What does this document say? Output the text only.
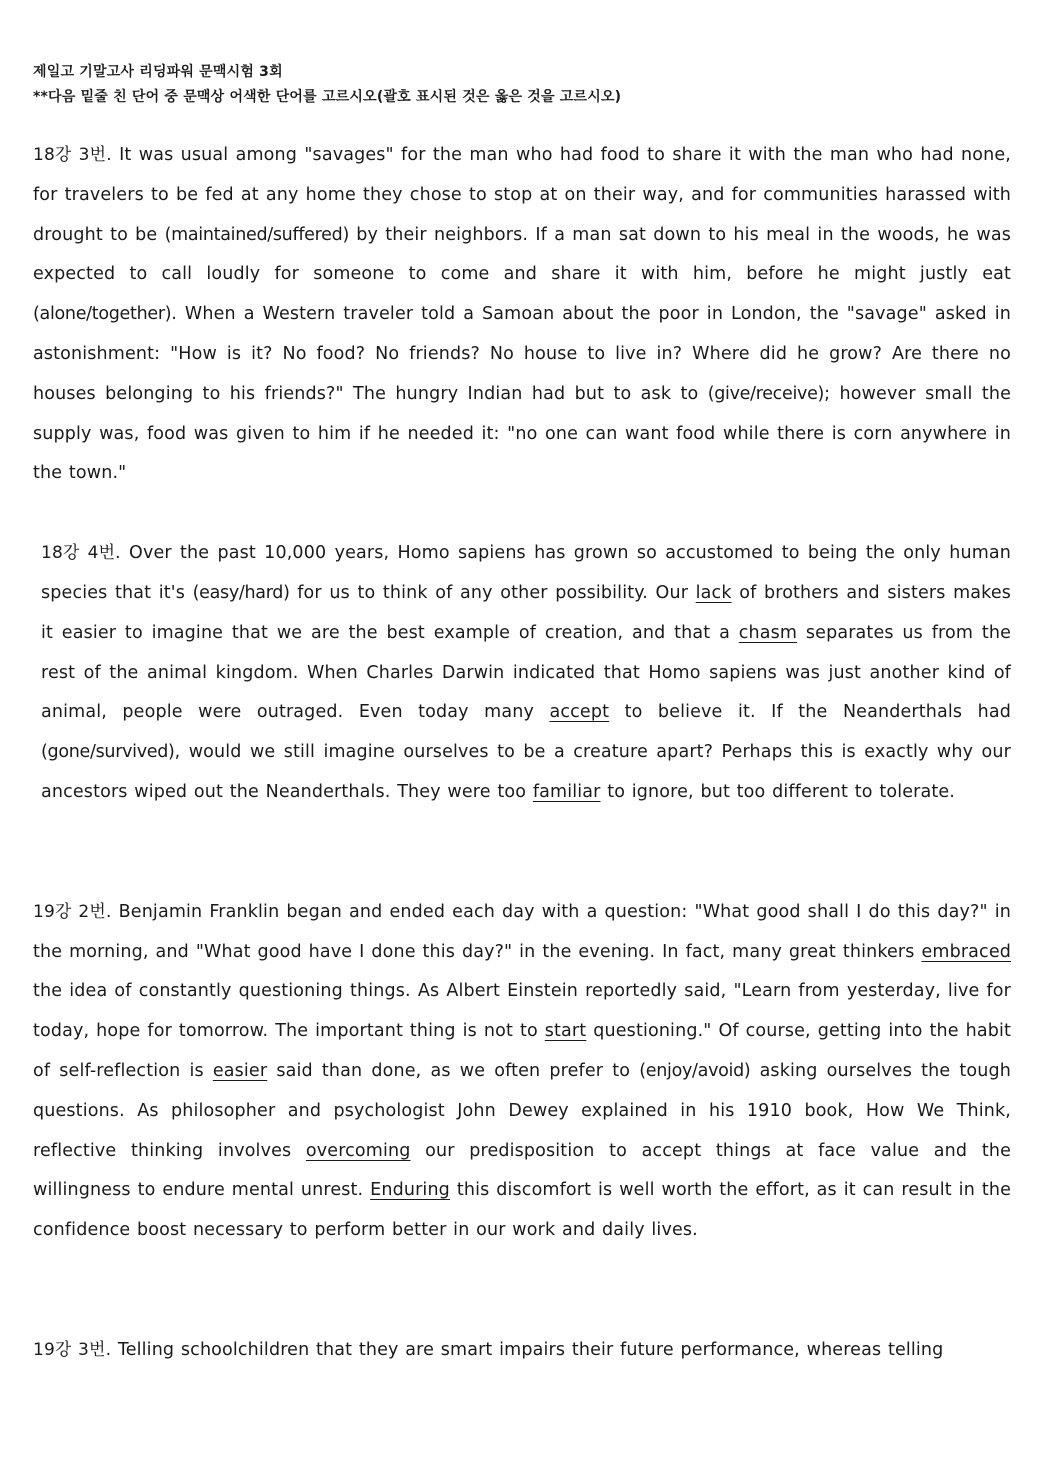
제일고 기말고사 리딩파워 문맥시험 3회
**다음 밑줄 친 단어 중 문맥상 어색한 단어를 고르시오(괄호 표시된 것은 옳은 것을 고르시오)

18강 3번. It was usual among "savages" for the man who had food to share it with the man who had none, for travelers to be fed at any home they chose to stop at on their way, and for communities harassed with drought to be (maintained/suffered) by their neighbors. If a man sat down to his meal in the woods, he was expected to call loudly for someone to come and share it with him, before he might justly eat (alone/together). When a Western traveler told a Samoan about the poor in London, the "savage" asked in astonishment: "How is it? No food? No friends? No house to live in? Where did he grow? Are there no houses belonging to his friends?" The hungry Indian had but to ask to (give/receive); however small the supply was, food was given to him if he needed it: "no one can want food while there is corn anywhere in the town."

18강 4번. Over the past 10,000 years, Homo sapiens has grown so accustomed to being the only human species that it's (easy/hard) for us to think of any other possibility. Our lack of brothers and sisters makes it easier to imagine that we are the best example of creation, and that a chasm separates us from the rest of the animal kingdom. When Charles Darwin indicated that Homo sapiens was just another kind of animal, people were outraged. Even today many accept to believe it. If the Neanderthals had (gone/survived), would we still imagine ourselves to be a creature apart? Perhaps this is exactly why our ancestors wiped out the Neanderthals. They were too familiar to ignore, but too different to tolerate.

19강 2번. Benjamin Franklin began and ended each day with a question: "What good shall I do this day?" in the morning, and "What good have I done this day?" in the evening. In fact, many great thinkers embraced the idea of constantly questioning things. As Albert Einstein reportedly said, "Learn from yesterday, live for today, hope for tomorrow. The important thing is not to start questioning." Of course, getting into the habit of self-reflection is easier said than done, as we often prefer to (enjoy/avoid) asking ourselves the tough questions. As philosopher and psychologist John Dewey explained in his 1910 book, How We Think, reflective thinking involves overcoming our predisposition to accept things at face value and the willingness to endure mental unrest. Enduring this discomfort is well worth the effort, as it can result in the confidence boost necessary to perform better in our work and daily lives.

19강 3번. Telling schoolchildren that they are smart impairs their future performance, whereas telling
